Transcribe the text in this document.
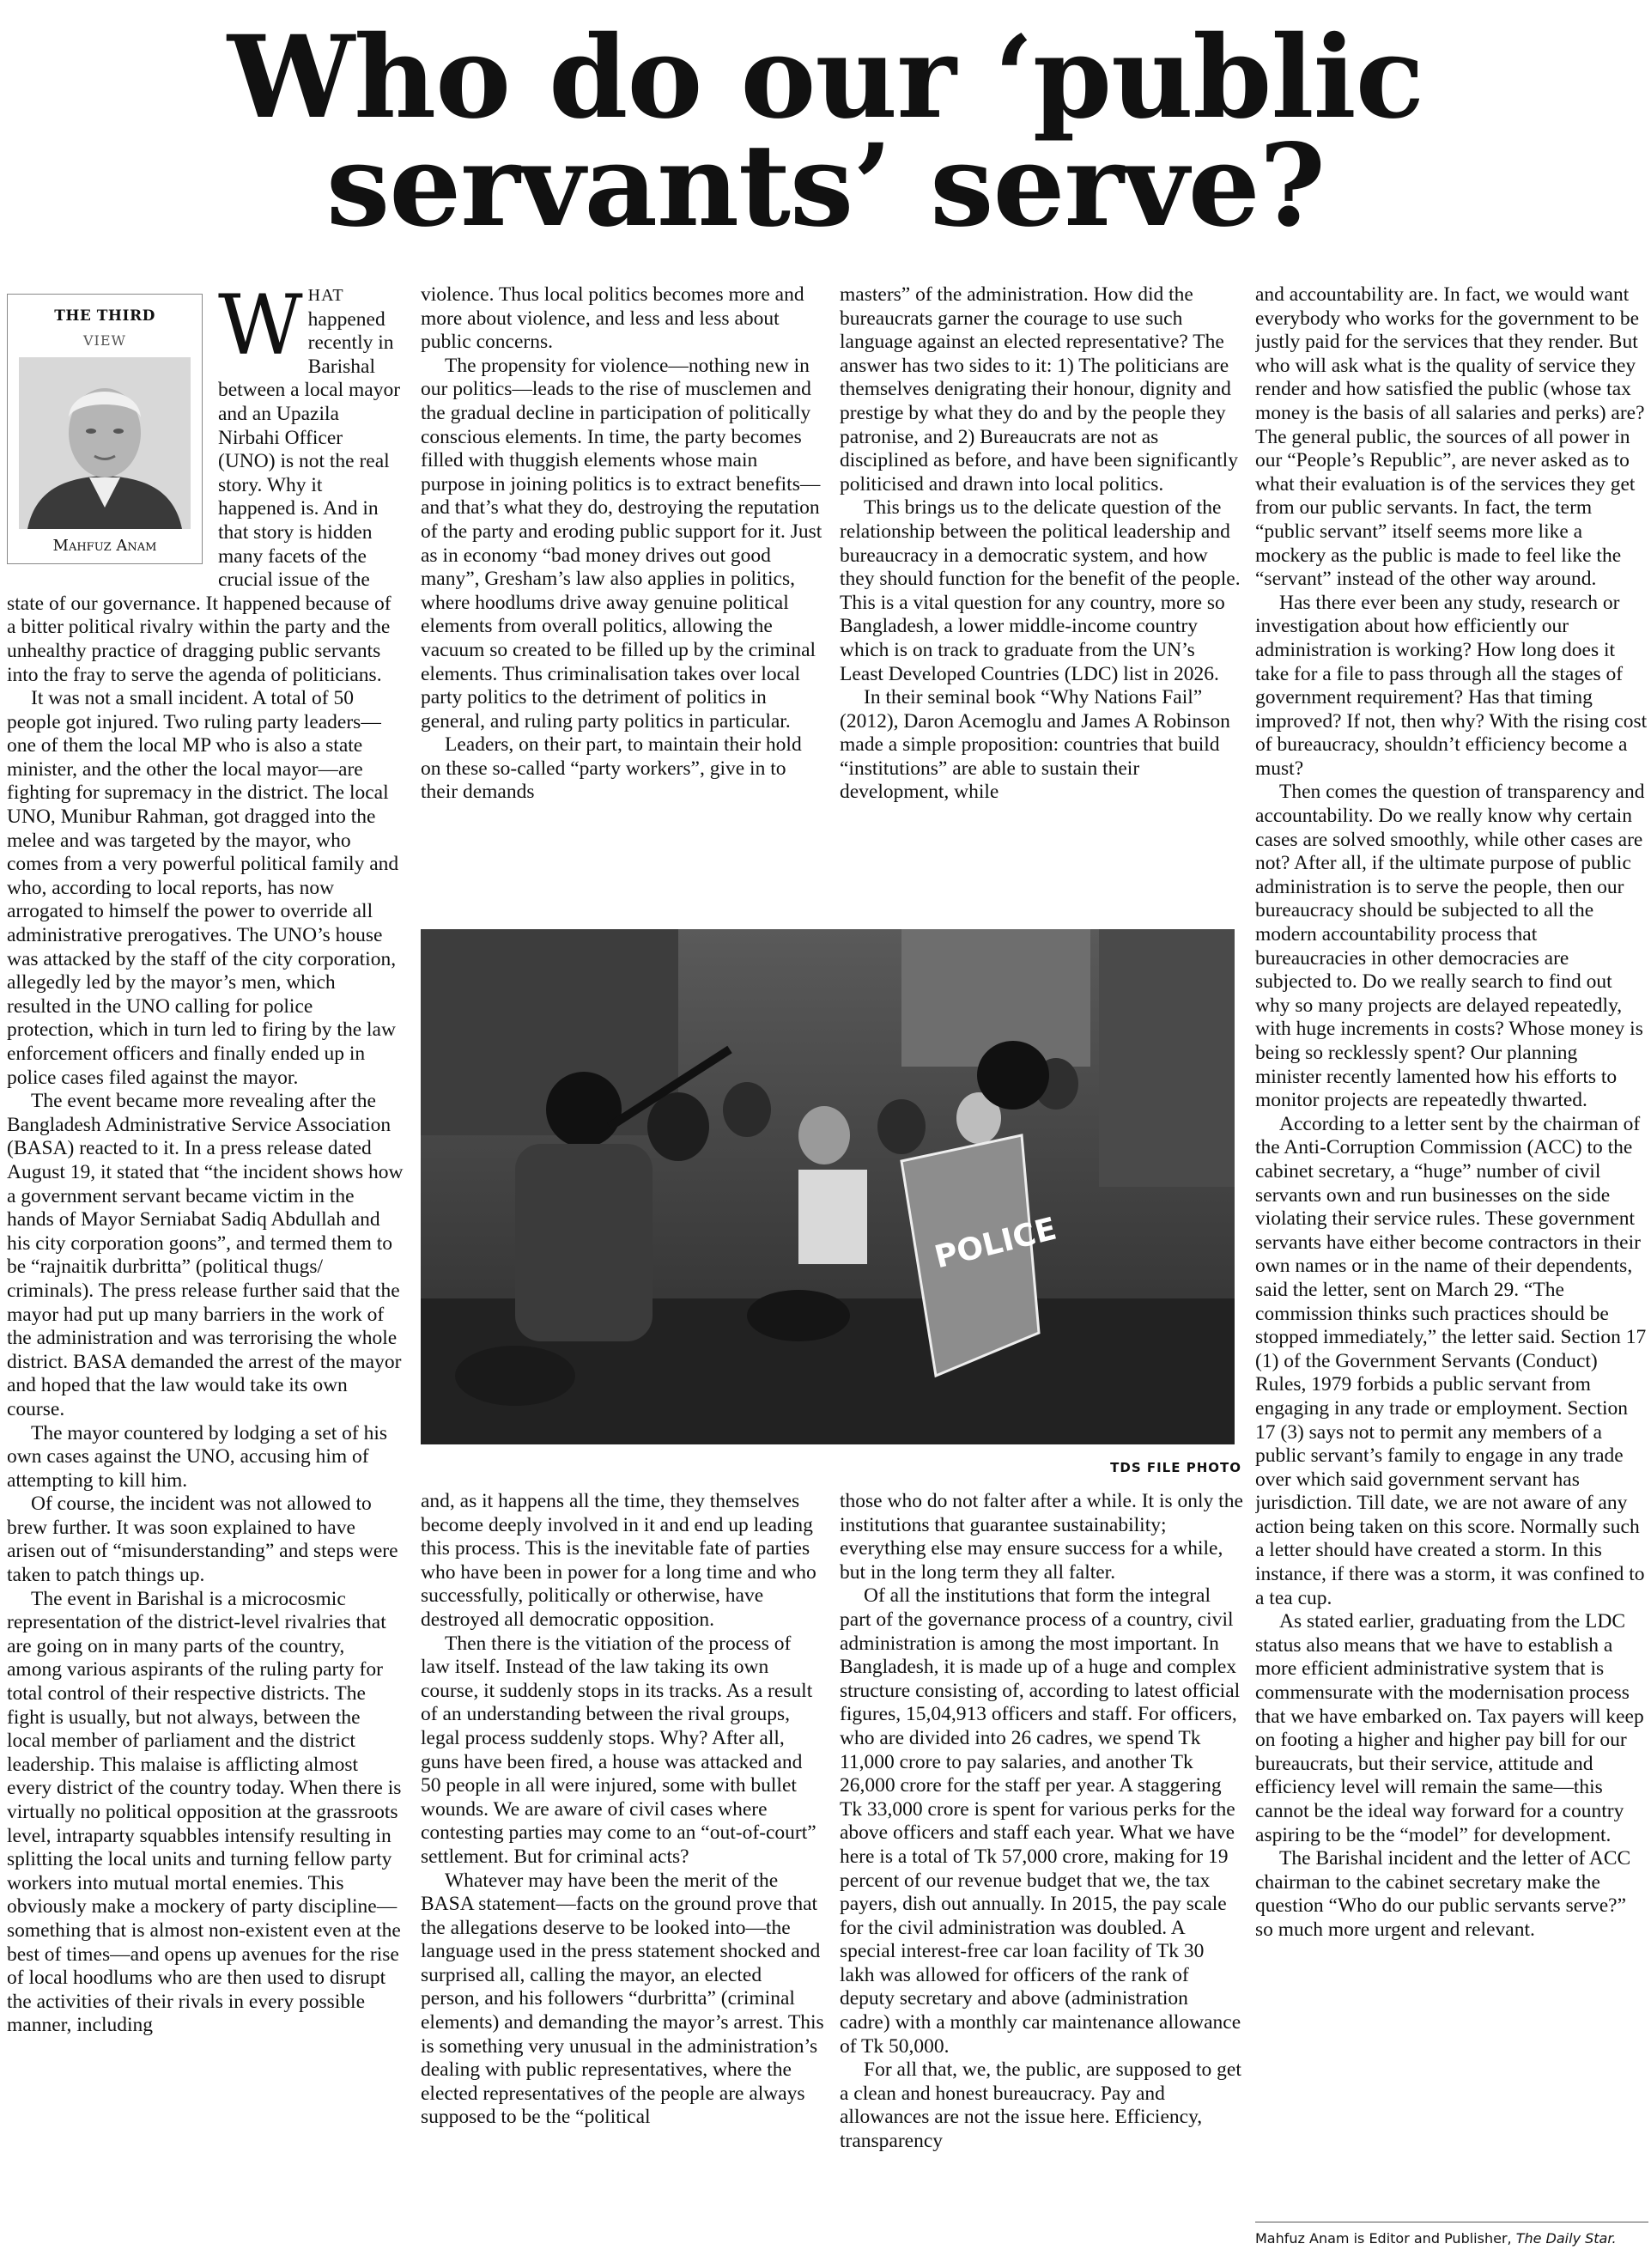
Who do our ‘public
servants’ serve?
THE THIRD
VIEW
Mahfuz Anam
W HAT
happened recently in Barishal between a local mayor and an Upazila Nirbahi Officer (UNO) is not the real story. Why it happened is. And in that story is hidden many facets of the crucial issue of the state of our governance. It happened because of a bitter political rivalry within the party and the unhealthy practice of dragging public servants into the fray to serve the agenda of politicians.

It was not a small incident. A total of 50 people got injured. Two ruling party leaders—one of them the local MP who is also a state minister, and the other the local mayor—are fighting for supremacy in the district. The local UNO, Munibur Rahman, got dragged into the melee and was targeted by the mayor, who comes from a very powerful political family and who, according to local reports, has now arrogated to himself the power to override all administrative prerogatives. The UNO’s house was attacked by the staff of the city corporation, allegedly led by the mayor’s men, which resulted in the UNO calling for police protection, which in turn led to firing by the law enforcement officers and finally ended up in police cases filed against the mayor.

The event became more revealing after the Bangladesh Administrative Service Association (BASA) reacted to it. In a press release dated August 19, it stated that “the incident shows how a government servant became victim in the hands of Mayor Serniabat Sadiq Abdullah and his city corporation goons”, and termed them to be “rajnaitik durbritta” (political thugs/ criminals). The press release further said that the mayor had put up many barriers in the work of the administration and was terrorising the whole district. BASA demanded the arrest of the mayor and hoped that the law would take its own course.

The mayor countered by lodging a set of his own cases against the UNO, accusing him of attempting to kill him.

Of course, the incident was not allowed to brew further. It was soon explained to have arisen out of “misunderstanding” and steps were taken to patch things up.

The event in Barishal is a microcosmic representation of the district-level rivalries that are going on in many parts of the country, among various aspirants of the ruling party for total control of their respective districts. The fight is usually, but not always, between the local member of parliament and the district leadership. This malaise is afflicting almost every district of the country today. When there is virtually no political opposition at the grassroots level, intraparty squabbles intensify resulting in splitting the local units and turning fellow party workers into mutual mortal enemies. This obviously make a mockery of party discipline—something that is almost non-existent even at the best of times—and opens up avenues for the rise of local hoodlums who are then used to disrupt the activities of their rivals in every possible manner, including

violence. Thus local politics becomes more and more about violence, and less and less about public concerns.

The propensity for violence—nothing new in our politics—leads to the rise of musclemen and the gradual decline in participation of politically conscious elements. In time, the party becomes filled with thuggish elements whose main purpose in joining politics is to extract benefits—and that’s what they do, destroying the reputation of the party and eroding public support for it. Just as in economy “bad money drives out good many”, Gresham’s law also applies in politics, where hoodlums drive away genuine political elements from overall politics, allowing the vacuum so created to be filled up by the criminal elements. Thus criminalisation takes over local party politics to the detriment of politics in general, and ruling party politics in particular.

Leaders, on their part, to maintain their hold on these so-called “party workers”, give in to their demands

masters” of the administration. How did the bureaucrats garner the courage to use such language against an elected representative? The answer has two sides to it: 1) The politicians are themselves denigrating their honour, dignity and prestige by what they do and by the people they patronise, and 2) Bureaucrats are not as disciplined as before, and have been significantly politicised and drawn into local politics.

This brings us to the delicate question of the relationship between the political leadership and bureaucracy in a democratic system, and how they should function for the benefit of the people. This is a vital question for any country, more so Bangladesh, a lower middle-income country which is on track to graduate from the UN’s Least Developed Countries (LDC) list in 2026.

In their seminal book “Why Nations Fail” (2012), Daron Acemoglu and James A Robinson made a simple proposition: countries that build “institutions” are able to sustain their development, while

POLICE
TDS FILE PHOTO

and, as it happens all the time, they themselves become deeply involved in it and end up leading this process. This is the inevitable fate of parties who have been in power for a long time and who successfully, politically or otherwise, have destroyed all democratic opposition.

Then there is the vitiation of the process of law itself. Instead of the law taking its own course, it suddenly stops in its tracks. As a result of an understanding between the rival groups, legal process suddenly stops. Why? After all, guns have been fired, a house was attacked and 50 people in all were injured, some with bullet wounds. We are aware of civil cases where contesting parties may come to an “out-of-court” settlement. But for criminal acts?

Whatever may have been the merit of the BASA statement—facts on the ground prove that the allegations deserve to be looked into—the language used in the press statement shocked and surprised all, calling the mayor, an elected person, and his followers “durbritta” (criminal elements) and demanding the mayor’s arrest. This is something very unusual in the administration’s dealing with public representatives, where the elected representatives of the people are always supposed to be the “political

those who do not falter after a while. It is only the institutions that guarantee sustainability; everything else may ensure success for a while, but in the long term they all falter.

Of all the institutions that form the integral part of the governance process of a country, civil administration is among the most important. In Bangladesh, it is made up of a huge and complex structure consisting of, according to latest official figures, 15,04,913 officers and staff. For officers, who are divided into 26 cadres, we spend Tk 11,000 crore to pay salaries, and another Tk 26,000 crore for the staff per year. A staggering Tk 33,000 crore is spent for various perks for the above officers and staff each year. What we have here is a total of Tk 57,000 crore, making for 19 percent of our revenue budget that we, the tax payers, dish out annually. In 2015, the pay scale for the civil administration was doubled. A special interest-free car loan facility of Tk 30 lakh was allowed for officers of the rank of deputy secretary and above (administration cadre) with a monthly car maintenance allowance of Tk 50,000.

For all that, we, the public, are supposed to get a clean and honest bureaucracy. Pay and allowances are not the issue here. Efficiency, transparency

and accountability are. In fact, we would want everybody who works for the government to be justly paid for the services that they render. But who will ask what is the quality of service they render and how satisfied the public (whose tax money is the basis of all salaries and perks) are? The general public, the sources of all power in our “People’s Republic”, are never asked as to what their evaluation is of the services they get from our public servants. In fact, the term “public servant” itself seems more like a mockery as the public is made to feel like the “servant” instead of the other way around.

Has there ever been any study, research or investigation about how efficiently our administration is working? How long does it take for a file to pass through all the stages of government requirement? Has that timing improved? If not, then why? With the rising cost of bureaucracy, shouldn’t efficiency become a must?

Then comes the question of transparency and accountability. Do we really know why certain cases are solved smoothly, while other cases are not? After all, if the ultimate purpose of public administration is to serve the people, then our bureaucracy should be subjected to all the modern accountability process that bureaucracies in other democracies are subjected to. Do we really search to find out why so many projects are delayed repeatedly, with huge increments in costs? Whose money is being so recklessly spent? Our planning minister recently lamented how his efforts to monitor projects are repeatedly thwarted.

According to a letter sent by the chairman of the Anti-Corruption Commission (ACC) to the cabinet secretary, a “huge” number of civil servants own and run businesses on the side violating their service rules. These government servants have either become contractors in their own names or in the name of their dependents, said the letter, sent on March 29. “The commission thinks such practices should be stopped immediately,” the letter said. Section 17 (1) of the Government Servants (Conduct) Rules, 1979 forbids a public servant from engaging in any trade or employment. Section 17 (3) says not to permit any members of a public servant’s family to engage in any trade over which said government servant has jurisdiction. Till date, we are not aware of any action being taken on this score. Normally such a letter should have created a storm. In this instance, if there was a storm, it was confined to a tea cup.

As stated earlier, graduating from the LDC status also means that we have to establish a more efficient administrative system that is commensurate with the modernisation process that we have embarked on. Tax payers will keep on footing a higher and higher pay bill for our bureaucrats, but their service, attitude and efficiency level will remain the same—this cannot be the ideal way forward for a country aspiring to be the “model” for development.

The Barishal incident and the letter of ACC chairman to the cabinet secretary make the question “Who do our public servants serve?” so much more urgent and relevant.

Mahfuz Anam is Editor and Publisher, The Daily Star.
